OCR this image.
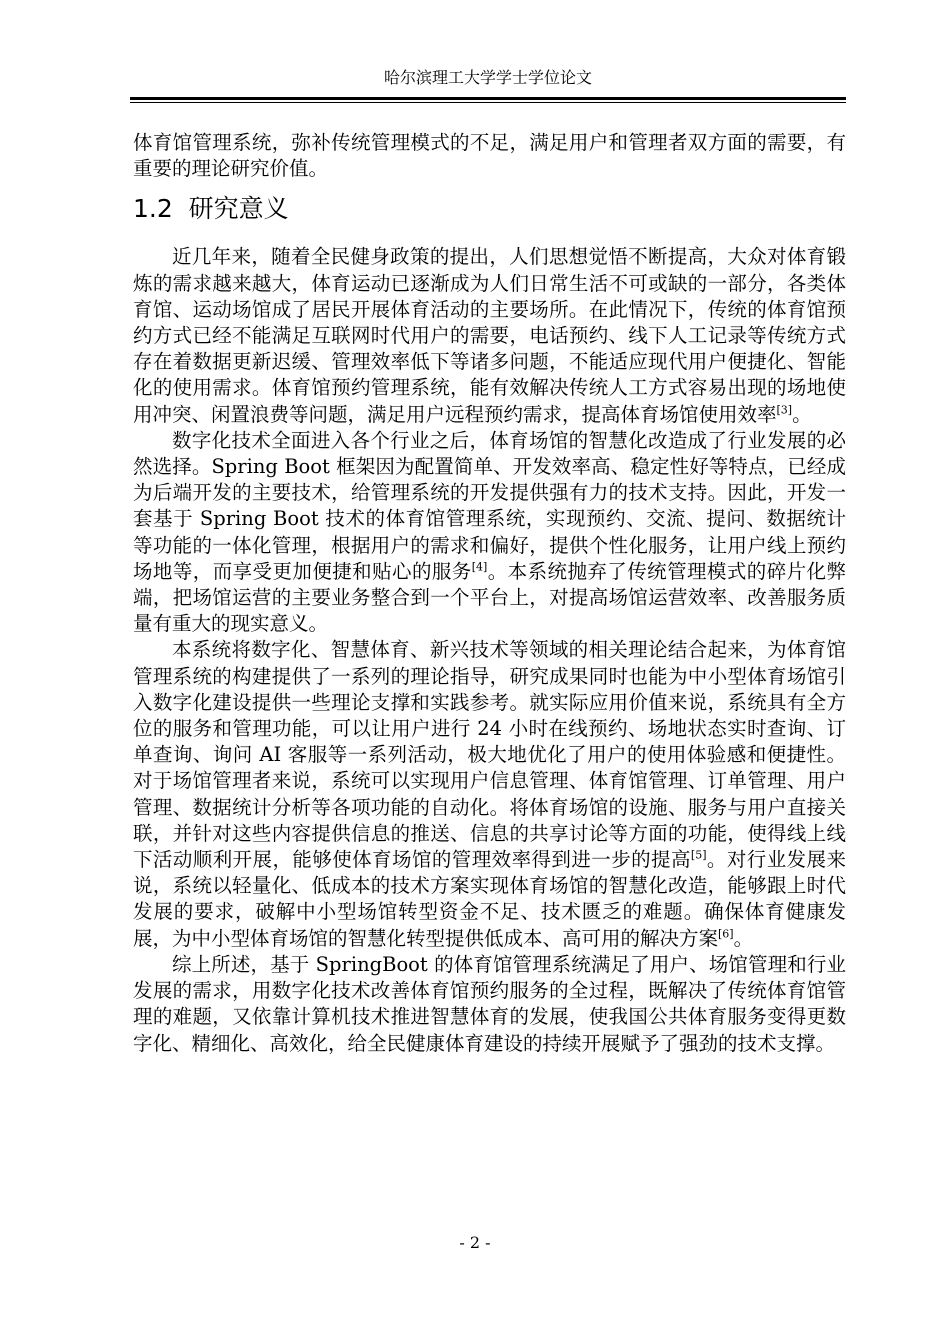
哈尔滨理工大学学士学位论文

体育馆管理系统，弥补传统管理模式的不足，满足用户和管理者双方面的需要，有重要的理论研究价值。

1.2 研究意义

近几年来，随着全民健身政策的提出，人们思想觉悟不断提高，大众对体育锻炼的需求越来越大，体育运动已逐渐成为人们日常生活不可或缺的一部分，各类体育馆、运动场馆成了居民开展体育活动的主要场所。在此情况下，传统的体育馆预约方式已经不能满足互联网时代用户的需要，电话预约、线下人工记录等传统方式存在着数据更新迟缓、管理效率低下等诸多问题，不能适应现代用户便捷化、智能化的使用需求。体育馆预约管理系统，能有效解决传统人工方式容易出现的场地使用冲突、闲置浪费等问题，满足用户远程预约需求，提高体育场馆使用效率[3]。

数字化技术全面进入各个行业之后，体育场馆的智慧化改造成了行业发展的必然选择。Spring Boot 框架因为配置简单、开发效率高、稳定性好等特点，已经成为后端开发的主要技术，给管理系统的开发提供强有力的技术支持。因此，开发一套基于 Spring Boot 技术的体育馆管理系统，实现预约、交流、提问、数据统计等功能的一体化管理，根据用户的需求和偏好，提供个性化服务，让用户线上预约场地等，而享受更加便捷和贴心的服务[4]。本系统抛弃了传统管理模式的碎片化弊端，把场馆运营的主要业务整合到一个平台上，对提高场馆运营效率、改善服务质量有重大的现实意义。

本系统将数字化、智慧体育、新兴技术等领域的相关理论结合起来，为体育馆管理系统的构建提供了一系列的理论指导，研究成果同时也能为中小型体育场馆引入数字化建设提供一些理论支撑和实践参考。就实际应用价值来说，系统具有全方位的服务和管理功能，可以让用户进行 24 小时在线预约、场地状态实时查询、订单查询、询问 AI 客服等一系列活动，极大地优化了用户的使用体验感和便捷性。对于场馆管理者来说，系统可以实现用户信息管理、体育馆管理、订单管理、用户管理、数据统计分析等各项功能的自动化。将体育场馆的设施、服务与用户直接关联，并针对这些内容提供信息的推送、信息的共享讨论等方面的功能，使得线上线下活动顺利开展，能够使体育场馆的管理效率得到进一步的提高[5]。对行业发展来说，系统以轻量化、低成本的技术方案实现体育场馆的智慧化改造，能够跟上时代发展的要求，破解中小型场馆转型资金不足、技术匮乏的难题。确保体育健康发展，为中小型体育场馆的智慧化转型提供低成本、高可用的解决方案[6]。

综上所述，基于 SpringBoot 的体育馆管理系统满足了用户、场馆管理和行业发展的需求，用数字化技术改善体育馆预约服务的全过程，既解决了传统体育馆管理的难题，又依靠计算机技术推进智慧体育的发展，使我国公共体育服务变得更数字化、精细化、高效化，给全民健康体育建设的持续开展赋予了强劲的技术支撑。

- 2 -
